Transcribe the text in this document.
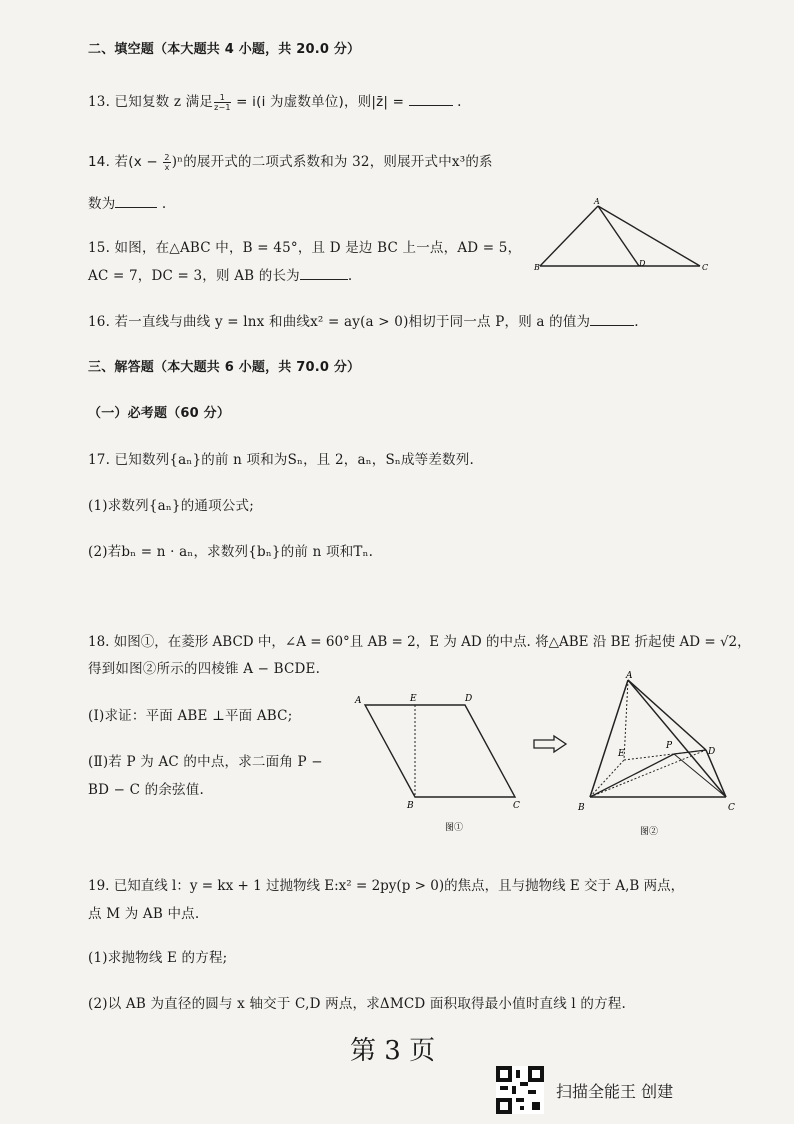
二、填空题（本大题共 4 小题，共 20.0 分）
13. 已知复数 z 满足 $\frac{1}{z-1} = i(i$ 为虚数单位)，则|z̄| =	.
14. 若$(x - \frac{2}{x} )^n$的展开式的二项式系数和为 32，则展开式中x³的系
数为	.
15. 如图，在△ABC 中，B = 45°，且 D 是边 BC 上一点，AD = 5，
AC = 7，DC = 3，则 AB 的长为	.
A
B	D	C
16. 若一直线与曲线 y = lnx 和曲线x² = ay(a > 0)相切于同一点 P，则 a 的值为	.
三、解答题（本大题共 6 小题，共 70.0 分）
（一）必考题（60 分）
17. 已知数列{aₙ}的前 n 项和为Sₙ，且 2，aₙ，Sₙ成等差数列.
(1)求数列{aₙ}的通项公式;
(2)若bₙ = n · aₙ，求数列{bₙ}的前 n 项和Tₙ.
18. 如图①，在菱形 ABCD 中，∠A = 60°且 AB = 2，E 为 AD 的中点. 将△ABE 沿 BE 折起使 AD = √2，
得到如图②所示的四棱锥 A − BCDE.
(Ⅰ)求证：平面 ABE ⊥平面 ABC;
(Ⅱ)若 P 为 AC 的中点，求二面角 P −
BD − C 的余弦值.
A	E	D
B	C
图①
A
E
P
D
B	C
图②
19. 已知直线 l：y = kx + 1 过抛物线 E:x² = 2py(p > 0)的焦点，且与抛物线 E 交于 A,B 两点，
点 M 为 AB 中点.
(1)求抛物线 E 的方程;
(2)以 AB 为直径的圆与 x 轴交于 C,D 两点，求ΔMCD 面积取得最小值时直线 l 的方程.
第 3 页
扫描全能王 创建
